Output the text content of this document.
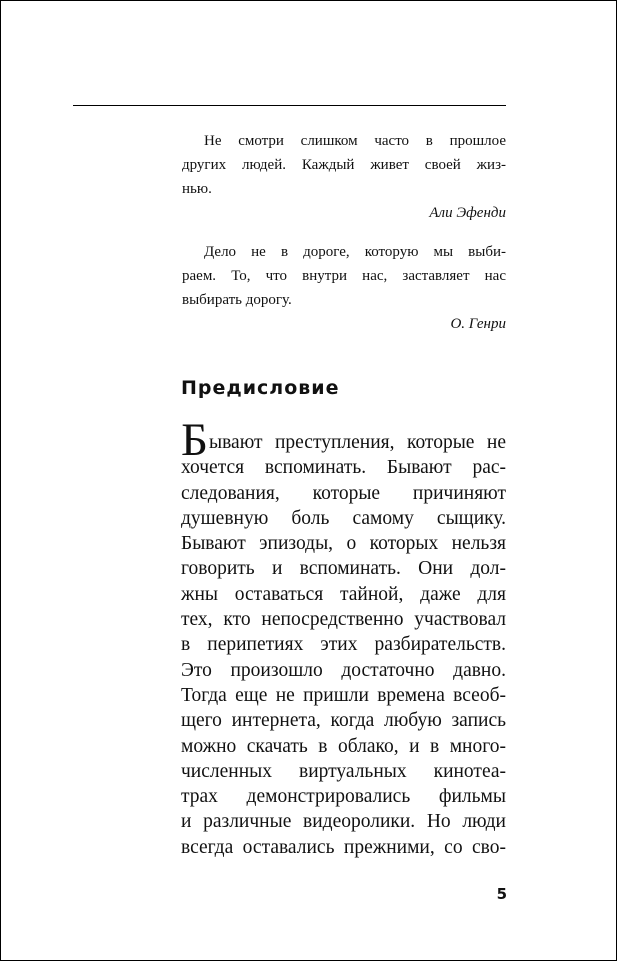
Не смотри слишком часто в прошлое
других людей. Каждый живет своей жиз-
нью.
Али Эфенди
Дело не в дороге, которую мы выби-
раем. То, что внутри нас, заставляет нас
выбирать дорогу.
О. Генри
Предисловие
Б ывают преступления, которые не
хочется вспоминать. Бывают рас-
следования, которые причиняют
душевную боль самому сыщику.
Бывают эпизоды, о которых нельзя
говорить и вспоминать. Они дол-
жны оставаться тайной, даже для
тех, кто непосредственно участвовал
в перипетиях этих разбирательств.
Это произошло достаточно давно.
Тогда еще не пришли времена всеоб-
щего интернета, когда любую запись
можно скачать в облако, и в много-
численных виртуальных кинотеа-
трах демонстрировались фильмы
и различные видеоролики. Но люди
всегда оставались прежними, со сво-
5
